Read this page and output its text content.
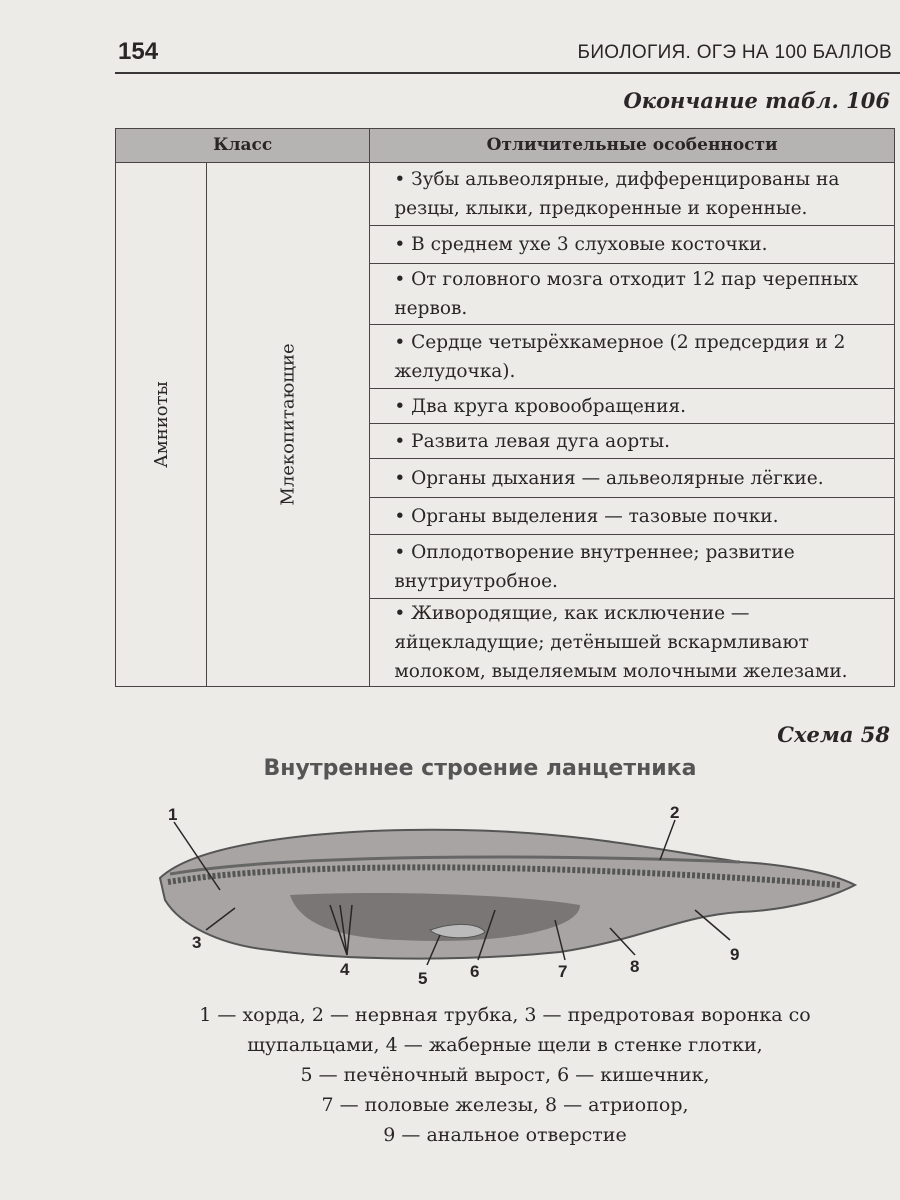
154	БИОЛОГИЯ. ОГЭ НА 100 БАЛЛОВ
Окончание табл. 106
Класс		Отличительные особенности
Амниоты	Млекопитающие	• Зубы альвеолярные, дифференцированы на резцы, клыки, предкоренные и коренные.
		• В среднем ухе 3 слуховые косточки.
		• От головного мозга отходит 12 пар черепных нервов.
		• Сердце четырёхкамерное (2 предсердия и 2 желудочка).
		• Два круга кровообращения.
		• Развита левая дуга аорты.
		• Органы дыхания — альвеолярные лёгкие.
		• Органы выделения — тазовые почки.
		• Оплодотворение внутреннее; развитие внутриутробное.
		• Живородящие, как исключение — яйцекладущие; детёнышей вскармливают молоком, выделяемым молочными железами.
Схема 58
Внутреннее строение ланцетника
1	2
3
4	5	6	7	8
9
1 — хорда, 2 — нервная трубка, 3 — предротовая воронка со
щупальцами, 4 — жаберные щели в стенке глотки,
5 — печёночный вырост, 6 — кишечник,
7 — половые железы, 8 — атриопор,
9 — анальное отверстие
